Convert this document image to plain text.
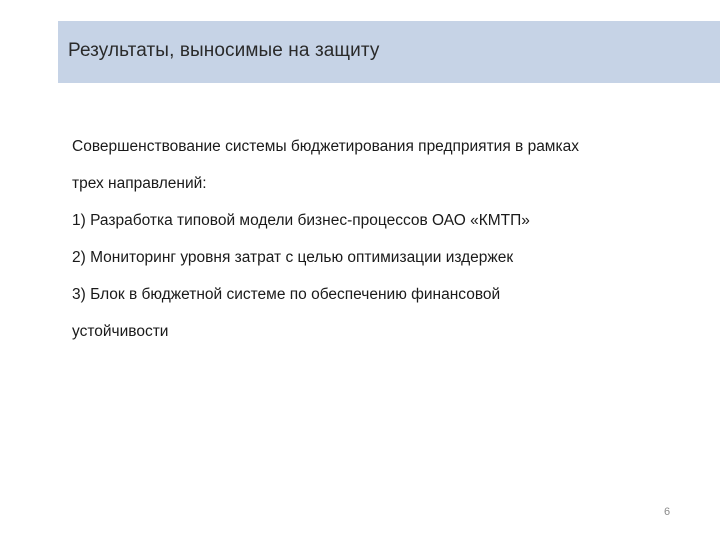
Результаты, выносимые на защиту

Совершенствование системы бюджетирования предприятия в рамках

трех направлений:

1) Разработка типовой модели бизнес-процессов ОАО «КМТП»

2) Мониторинг уровня затрат с целью оптимизации издержек

3) Блок в бюджетной системе по обеспечению финансовой

устойчивости

6
